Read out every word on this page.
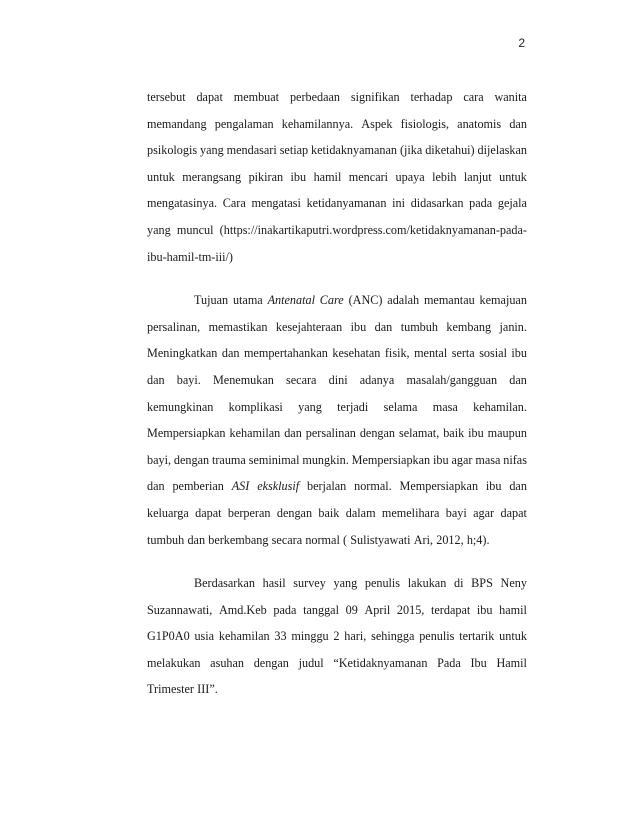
2
tersebut dapat membuat perbedaan signifikan terhadap cara wanita
memandang pengalaman kehamilannya. Aspek fisiologis, anatomis dan
psikologis yang mendasari setiap ketidaknyamanan (jika diketahui) dijelaskan
untuk merangsang pikiran ibu hamil mencari upaya lebih lanjut untuk
mengatasinya. Cara mengatasi ketidanyamanan ini didasarkan pada gejala
yang muncul (https://inakartikaputri.wordpress.com/ketidaknyamanan-pada-
ibu-hamil-tm-iii/)
Tujuan utama Antenatal Care (ANC) adalah memantau kemajuan
persalinan, memastikan kesejahteraan ibu dan tumbuh kembang janin.
Meningkatkan dan mempertahankan kesehatan fisik, mental serta sosial ibu
dan bayi. Menemukan secara dini adanya masalah/gangguan dan
kemungkinan komplikasi yang terjadi selama masa kehamilan.
Mempersiapkan kehamilan dan persalinan dengan selamat, baik ibu maupun
bayi, dengan trauma seminimal mungkin. Mempersiapkan ibu agar masa nifas
dan pemberian ASI eksklusif berjalan normal. Mempersiapkan ibu dan
keluarga dapat berperan dengan baik dalam memelihara bayi agar dapat
tumbuh dan berkembang secara normal ( Sulistyawati Ari, 2012, h;4).
Berdasarkan hasil survey yang penulis lakukan di BPS Neny
Suzannawati, Amd.Keb pada tanggal 09 April 2015, terdapat ibu hamil
G1P0A0 usia kehamilan 33 minggu 2 hari, sehingga penulis tertarik untuk
melakukan asuhan dengan judul “Ketidaknyamanan Pada Ibu Hamil
Trimester III”.
